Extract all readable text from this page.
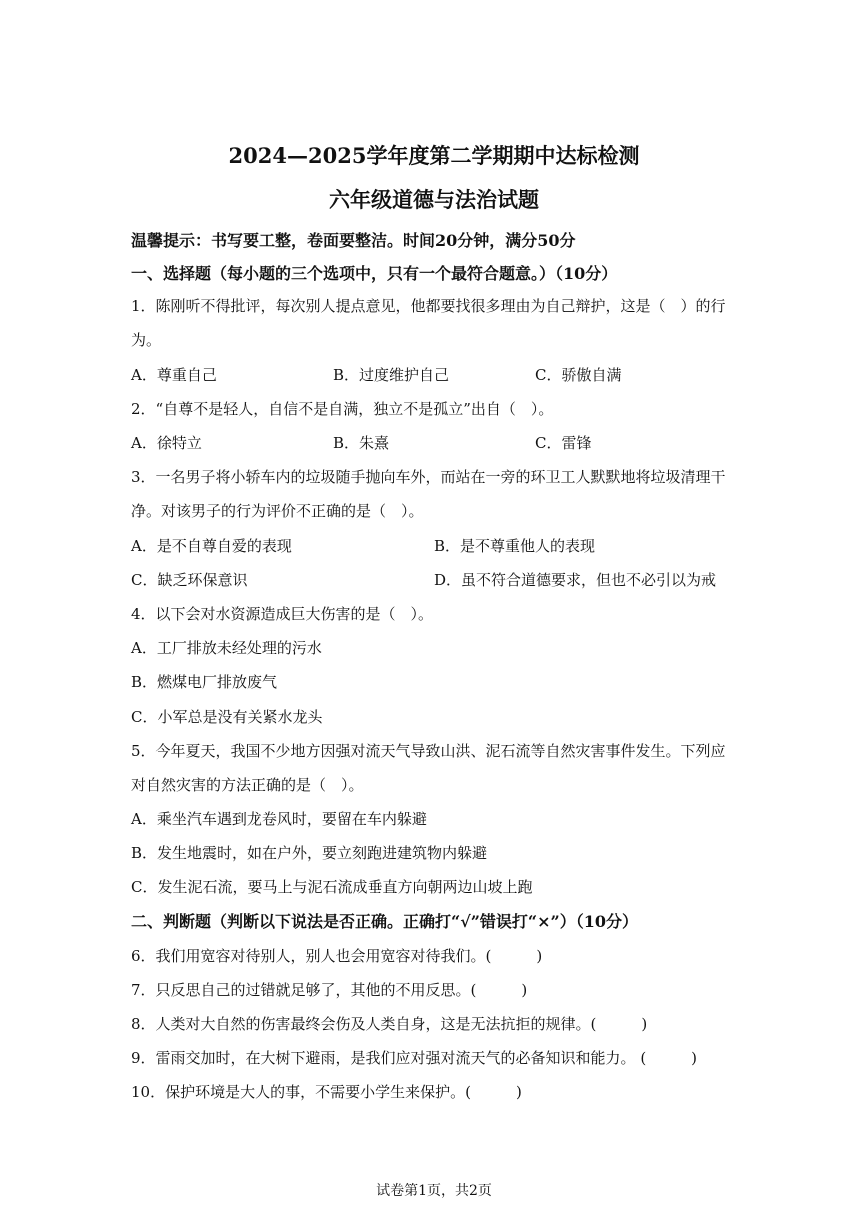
2024—2025学年度第二学期期中达标检测
六年级道德与法治试题
温馨提示：书写要工整，卷面要整洁。时间20分钟，满分50分
一、选择题（每小题的三个选项中，只有一个最符合题意。）（10分）
1．陈刚听不得批评，每次别人提点意见，他都要找很多理由为自己辩护，这是（　）的行
为。
A．尊重自己	B．过度维护自己	C．骄傲自满
2．“自尊不是轻人，自信不是自满，独立不是孤立”出自（　）。
A．徐特立	B．朱熹	C．雷锋
3．一名男子将小轿车内的垃圾随手抛向车外，而站在一旁的环卫工人默默地将垃圾清理干
净。对该男子的行为评价不正确的是（　）。
A．是不自尊自爱的表现	B．是不尊重他人的表现
C．缺乏环保意识	D．虽不符合道德要求，但也不必引以为戒
4．以下会对水资源造成巨大伤害的是（　）。
A．工厂排放未经处理的污水
B．燃煤电厂排放废气
C．小军总是没有关紧水龙头
5．今年夏天，我国不少地方因强对流天气导致山洪、泥石流等自然灾害事件发生。下列应
对自然灾害的方法正确的是（　）。
A．乘坐汽车遇到龙卷风时，要留在车内躲避
B．发生地震时，如在户外，要立刻跑进建筑物内躲避
C．发生泥石流，要马上与泥石流成垂直方向朝两边山坡上跑
二、判断题（判断以下说法是否正确。正确打“√”错误打“×”）（10分）
6．我们用宽容对待别人，别人也会用宽容对待我们。(　　　)
7．只反思自己的过错就足够了，其他的不用反思。(　　　)
8．人类对大自然的伤害最终会伤及人类自身，这是无法抗拒的规律。(　　　)
9．雷雨交加时，在大树下避雨，是我们应对强对流天气的必备知识和能力。 (　　　)
10．保护环境是大人的事，不需要小学生来保护。(　　　)
试卷第1页，共2页
